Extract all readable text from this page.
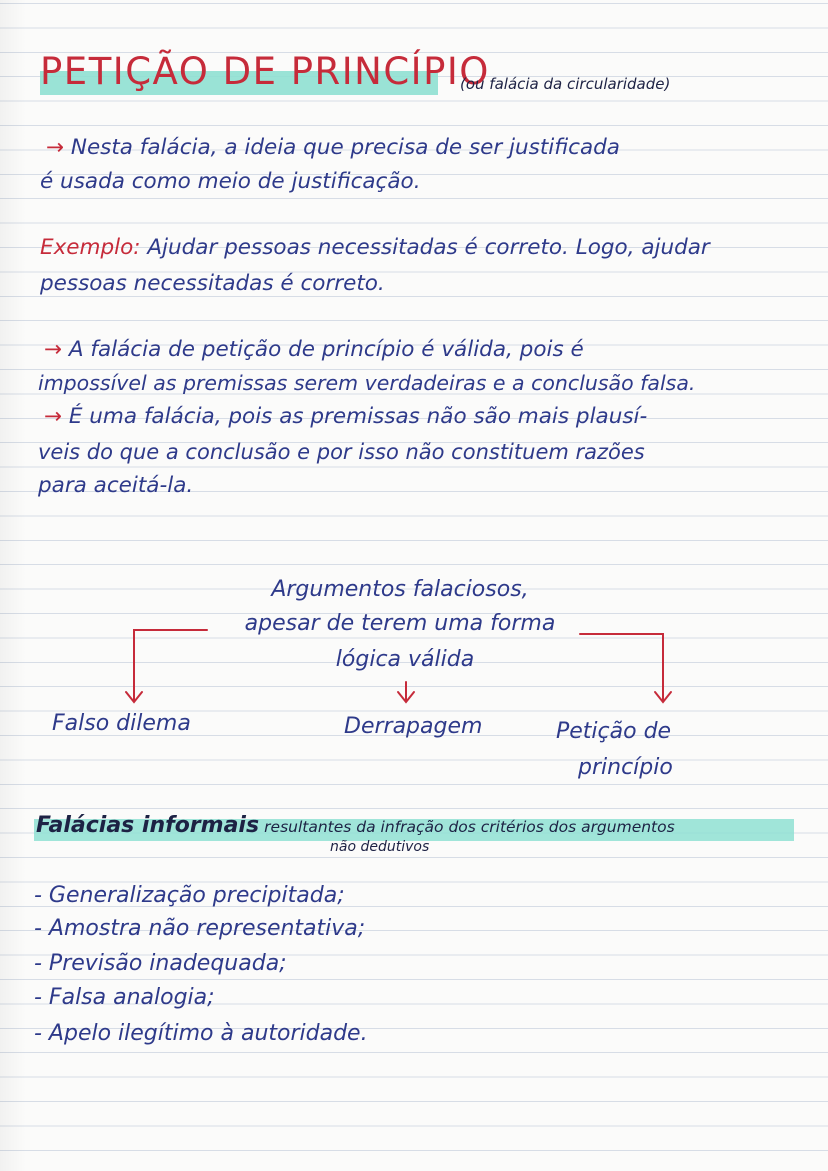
PETIÇÃO DE PRINCÍPIO
(ou falácia da circularidade)
→ Nesta falácia, a ideia que precisa de ser justificada
é usada como meio de justificação.
Exemplo: Ajudar pessoas necessitadas é correto. Logo, ajudar
pessoas necessitadas é correto.
→ A falácia de petição de princípio é válida, pois é
impossível as premissas serem verdadeiras e a conclusão falsa.
→ É uma falácia, pois as premissas não são mais plausí-
veis do que a conclusão e por isso não constituem razões
para aceitá-la.
Argumentos falaciosos,
apesar de terem uma forma
lógica válida
Falso dilema	Derrapagem	Petição de
princípio
Falácias informais resultantes da infração dos critérios dos argumentos
não dedutivos
- Generalização precipitada;
- Amostra não representativa;
- Previsão inadequada;
- Falsa analogia;
- Apelo ilegítimo à autoridade.
